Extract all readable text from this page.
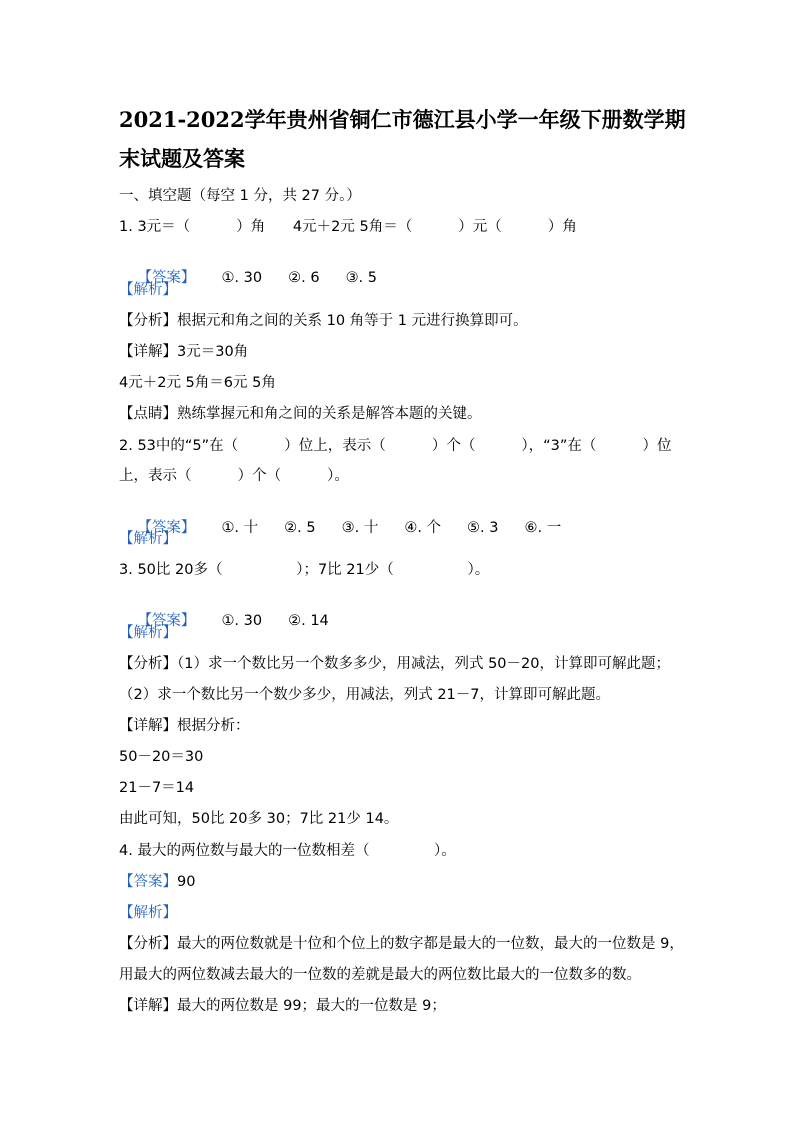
2021-2022学年贵州省铜仁市德江县小学一年级下册数学期
末试题及答案
一、填空题（每空 1 分，共 27 分。）
1. 3元＝（          ）角      4元＋2元 5角＝（          ）元（          ）角

【答案】 ①. 30 ②. 6 ③. 5

【解析】
【分析】根据元和角之间的关系 10 角等于 1 元进行换算即可。
【详解】3元＝30角
4元＋2元 5角＝6元 5角
【点睛】熟练掌握元和角之间的关系是解答本题的关键。
2. 53中的“5”在（          ）位上，表示（          ）个（          ），“3”在（          ）位
上，表示（          ）个（          ）。

【答案】 ①. 十 ②. 5 ③. 十 ④. 个 ⑤. 3 ⑥. 一

【解析】
3. 50比 20多（                ）；7比 21少（                ）。

【答案】 ①. 30 ②. 14

【解析】
【分析】（1）求一个数比另一个数多多少，用减法，列式 50－20，计算即可解此题；
（2）求一个数比另一个数少多少，用减法，列式 21－7，计算即可解此题。
【详解】根据分析：
50－20＝30
21－7＝14
由此可知，50比 20多 30；7比 21少 14。
4. 最大的两位数与最大的一位数相差（              ）。
【答案】90
【解析】
【分析】最大的两位数就是十位和个位上的数字都是最大的一位数，最大的一位数是 9，
用最大的两位数减去最大的一位数的差就是最大的两位数比最大的一位数多的数。
【详解】最大的两位数是 99；最大的一位数是 9；
